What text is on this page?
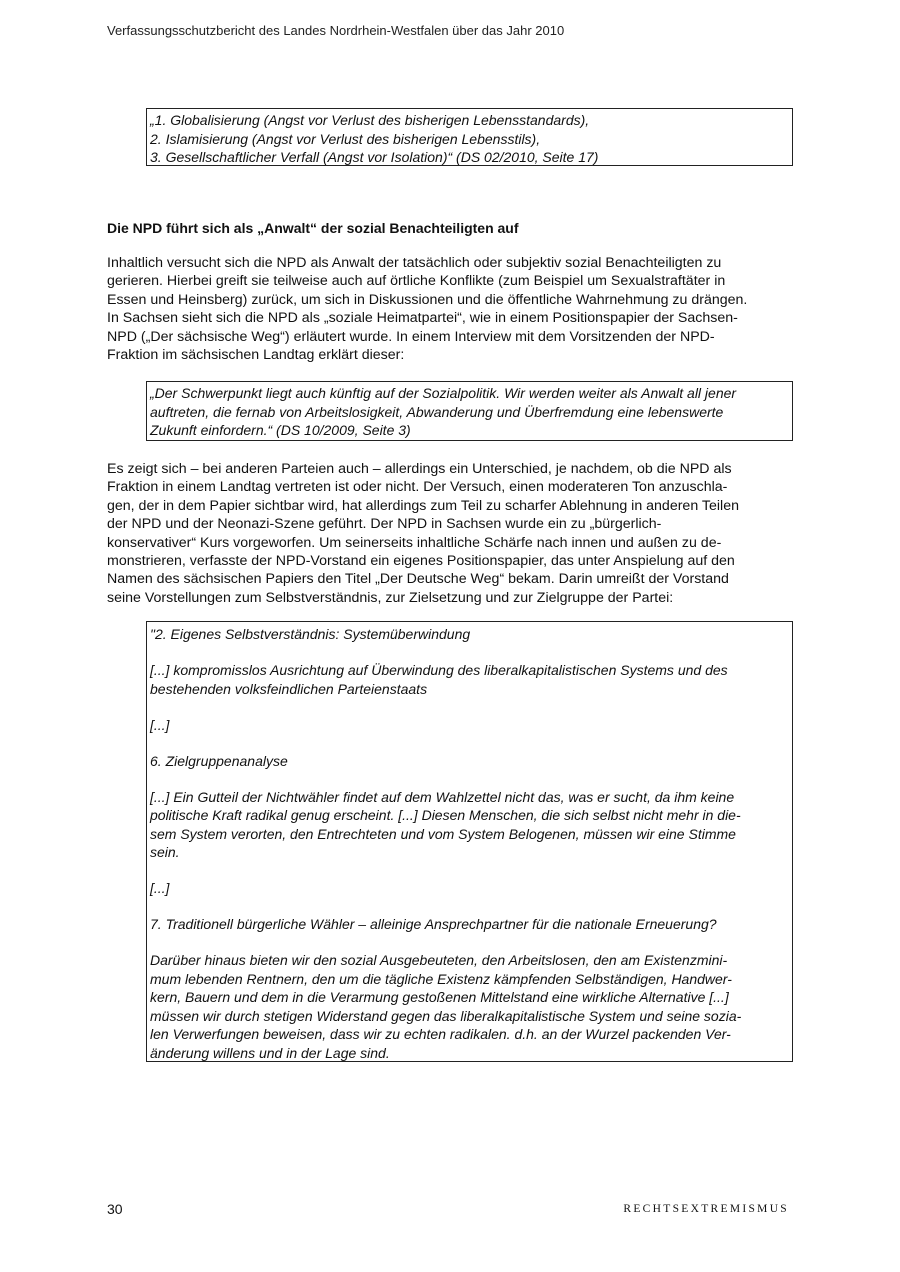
Verfassungsschutzbericht des Landes Nordrhein-Westfalen über das Jahr 2010
„1. Globalisierung (Angst vor Verlust des bisherigen Lebensstandards),
2. Islamisierung (Angst vor Verlust des bisherigen Lebensstils),
3. Gesellschaftlicher Verfall (Angst vor Isolation)“ (DS 02/2010, Seite 17)
Die NPD führt sich als „Anwalt“ der sozial Benachteiligten auf
Inhaltlich versucht sich die NPD als Anwalt der tatsächlich oder subjektiv sozial Benachteiligten zu
gerieren. Hierbei greift sie teilweise auch auf örtliche Konflikte (zum Beispiel um Sexualstraftäter in
Essen und Heinsberg) zurück, um sich in Diskussionen und die öffentliche Wahrnehmung zu drängen.
In Sachsen sieht sich die NPD als „soziale Heimatpartei“, wie in einem Positionspapier der Sachsen-
NPD („Der sächsische Weg“) erläutert wurde. In einem Interview mit dem Vorsitzenden der NPD-
Fraktion im sächsischen Landtag erklärt dieser:
„Der Schwerpunkt liegt auch künftig auf der Sozialpolitik. Wir werden weiter als Anwalt all jener
auftreten, die fernab von Arbeitslosigkeit, Abwanderung und Überfremdung eine lebenswerte
Zukunft einfordern.“ (DS 10/2009, Seite 3)
Es zeigt sich – bei anderen Parteien auch – allerdings ein Unterschied, je nachdem, ob die NPD als
Fraktion in einem Landtag vertreten ist oder nicht. Der Versuch, einen moderateren Ton anzuschla-
gen, der in dem Papier sichtbar wird, hat allerdings zum Teil zu scharfer Ablehnung in anderen Teilen
der NPD und der Neonazi-Szene geführt. Der NPD in Sachsen wurde ein zu „bürgerlich-
konservativer“ Kurs vorgeworfen. Um seinerseits inhaltliche Schärfe nach innen und außen zu de-
monstrieren, verfasste der NPD-Vorstand ein eigenes Positionspapier, das unter Anspielung auf den
Namen des sächsischen Papiers den Titel „Der Deutsche Weg“ bekam. Darin umreißt der Vorstand
seine Vorstellungen zum Selbstverständnis, zur Zielsetzung und zur Zielgruppe der Partei:
"2. Eigenes Selbstverständnis: Systemüberwindung
[...] kompromisslos Ausrichtung auf Überwindung des liberalkapitalistischen Systems und des
bestehenden volksfeindlichen Parteienstaats
[...]
6. Zielgruppenanalyse
[...] Ein Gutteil der Nichtwähler findet auf dem Wahlzettel nicht das, was er sucht, da ihm keine
politische Kraft radikal genug erscheint. [...] Diesen Menschen, die sich selbst nicht mehr in die-
sem System verorten, den Entrechteten und vom System Belogenen, müssen wir eine Stimme
sein.
[...]
7. Traditionell bürgerliche Wähler – alleinige Ansprechpartner für die nationale Erneuerung?
Darüber hinaus bieten wir den sozial Ausgebeuteten, den Arbeitslosen, den am Existenzmini-
mum lebenden Rentnern, den um die tägliche Existenz kämpfenden Selbständigen, Handwer-
kern, Bauern und dem in die Verarmung gestoßenen Mittelstand eine wirkliche Alternative [...]
müssen wir durch stetigen Widerstand gegen das liberalkapitalistische System und seine sozia-
len Verwerfungen beweisen, dass wir zu echten radikalen. d.h. an der Wurzel packenden Ver-
änderung willens und in der Lage sind.
30	RECHTSEXTREMISMUS
